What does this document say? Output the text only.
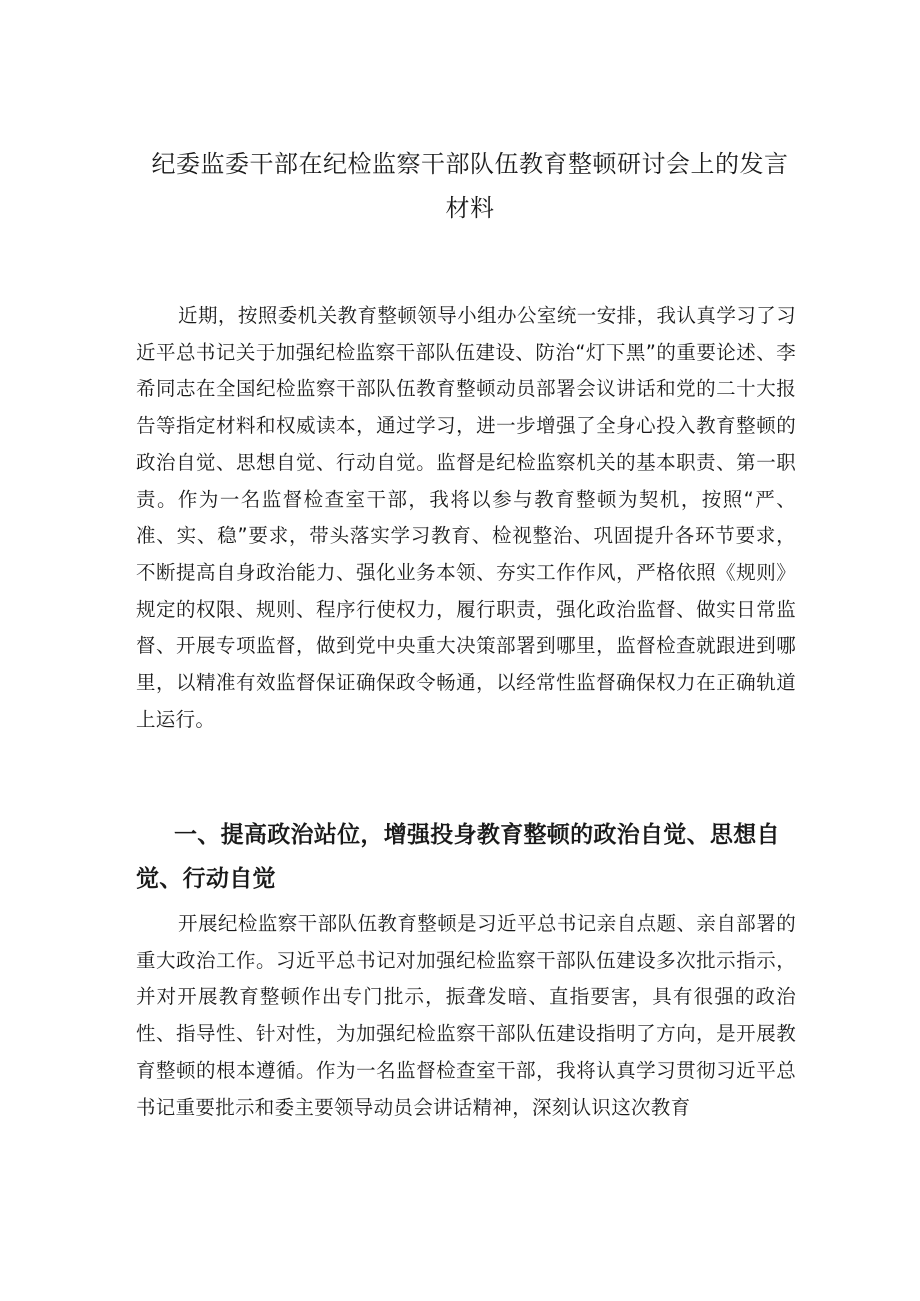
纪委监委干部在纪检监察干部队伍教育整顿研讨会上的发言
材料
近期，按照委机关教育整顿领导小组办公室统一安排，我认真学习了习近平总书记关于加强纪检监察干部队伍建设、防治“灯下黑”的重要论述、李希同志在全国纪检监察干部队伍教育整顿动员部署会议讲话和党的二十大报告等指定材料和权威读本，通过学习，进一步增强了全身心投入教育整顿的政治自觉、思想自觉、行动自觉。监督是纪检监察机关的基本职责、第一职责。作为一名监督检查室干部，我将以参与教育整顿为契机，按照“严、准、实、稳”要求，带头落实学习教育、检视整治、巩固提升各环节要求，不断提高自身政治能力、强化业务本领、夯实工作作风，严格依照《规则》规定的权限、规则、程序行使权力，履行职责，强化政治监督、做实日常监督、开展专项监督，做到党中央重大决策部署到哪里，监督检查就跟进到哪里，以精准有效监督保证确保政令畅通，以经常性监督确保权力在正确轨道上运行。
一、提高政治站位，增强投身教育整顿的政治自觉、思想自觉、行动自觉
开展纪检监察干部队伍教育整顿是习近平总书记亲自点题、亲自部署的重大政治工作。习近平总书记对加强纪检监察干部队伍建设多次批示指示，并对开展教育整顿作出专门批示，振聋发暗、直指要害，具有很强的政治性、指导性、针对性，为加强纪检监察干部队伍建设指明了方向，是开展教育整顿的根本遵循。作为一名监督检查室干部，我将认真学习贯彻习近平总书记重要批示和委主要领导动员会讲话精神，深刻认识这次教育
